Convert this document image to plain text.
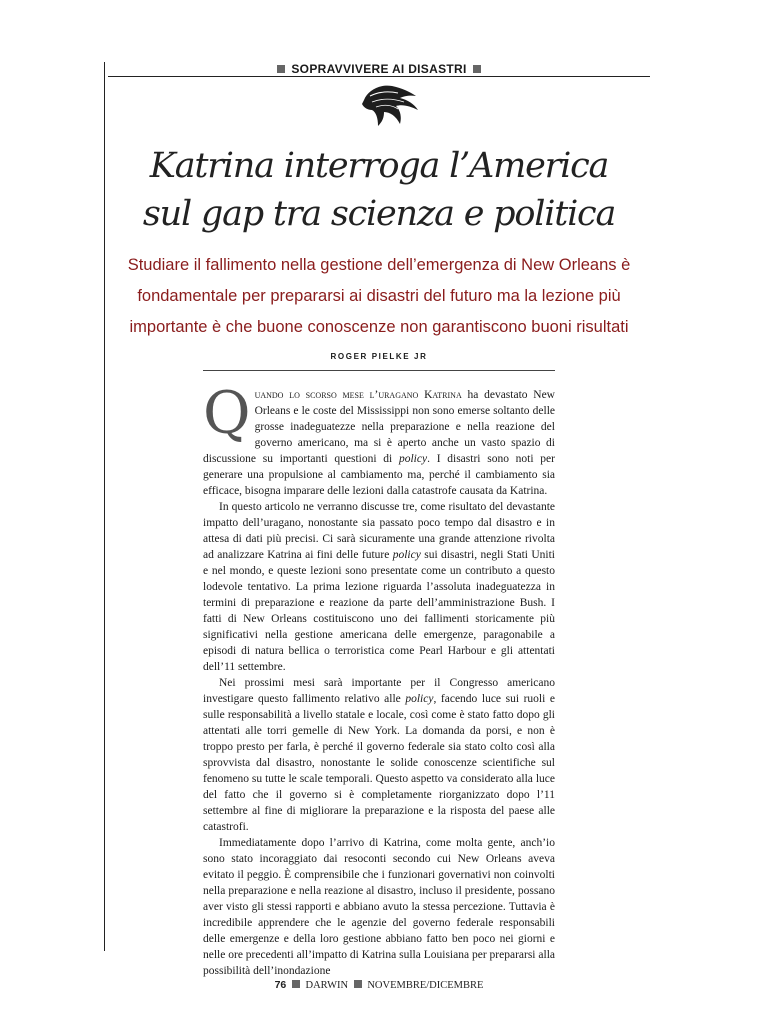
SOPRAVVIVERE AI DISASTRI
Katrina interroga l’America
sul gap tra scienza e politica

Studiare il fallimento nella gestione dell’emergenza di New Orleans è fondamentale per prepararsi ai disastri del futuro ma la lezione più importante è che buone conoscenze non garantiscono buoni risultati

ROGER PIELKE JR

Quando lo scorso mese l’uragano Katrina ha devastato New Orleans e le coste del Mississippi non sono emerse soltanto delle grosse inadeguatezze nella preparazione e nella reazione del governo americano, ma si è aperto anche un vasto spazio di discussione su importanti questioni di policy. I disastri sono noti per generare una propulsione al cambiamento ma, perché il cambiamento sia efficace, bisogna imparare delle lezioni dalla catastrofe causata da Katrina.

In questo articolo ne verranno discusse tre, come risultato del devastante impatto dell’uragano, nonostante sia passato poco tempo dal disastro e in attesa di dati più precisi. Ci sarà sicuramente una grande attenzione rivolta ad analizzare Katrina ai fini delle future policy sui disastri, negli Stati Uniti e nel mondo, e queste lezioni sono presentate come un contributo a questo lodevole tentativo. La prima lezione riguarda l’assoluta inadeguatezza in termini di preparazione e reazione da parte dell’amministrazione Bush. I fatti di New Orleans costituiscono uno dei fallimenti storicamente più significativi nella gestione americana delle emergenze, paragonabile a episodi di natura bellica o terroristica come Pearl Harbour e gli attentati dell’11 settembre.

Nei prossimi mesi sarà importante per il Congresso americano investigare questo fallimento relativo alle policy, facendo luce sui ruoli e sulle responsabilità a livello statale e locale, così come è stato fatto dopo gli attentati alle torri gemelle di New York. La domanda da porsi, e non è troppo presto per farla, è perché il governo federale sia stato colto così alla sprovvista dal disastro, nonostante le solide conoscenze scientifiche sul fenomeno su tutte le scale temporali. Questo aspetto va considerato alla luce del fatto che il governo si è completamente riorganizzato dopo l’11 settembre al fine di migliorare la preparazione e la risposta del paese alle catastrofi.

Immediatamente dopo l’arrivo di Katrina, come molta gente, anch’io sono stato incoraggiato dai resoconti secondo cui New Orleans aveva evitato il peggio. È comprensibile che i funzionari governativi non coinvolti nella preparazione e nella reazione al disastro, incluso il presidente, possano aver visto gli stessi rapporti e abbiano avuto la stessa percezione. Tuttavia è incredibile apprendere che le agenzie del governo federale responsabili delle emergenze e della loro gestione abbiano fatto ben poco nei giorni e nelle ore precedenti all’impatto di Katrina sulla Louisiana per prepararsi alla possibilità dell’inondazione

76 DARWIN NOVEMBRE/DICEMBRE
